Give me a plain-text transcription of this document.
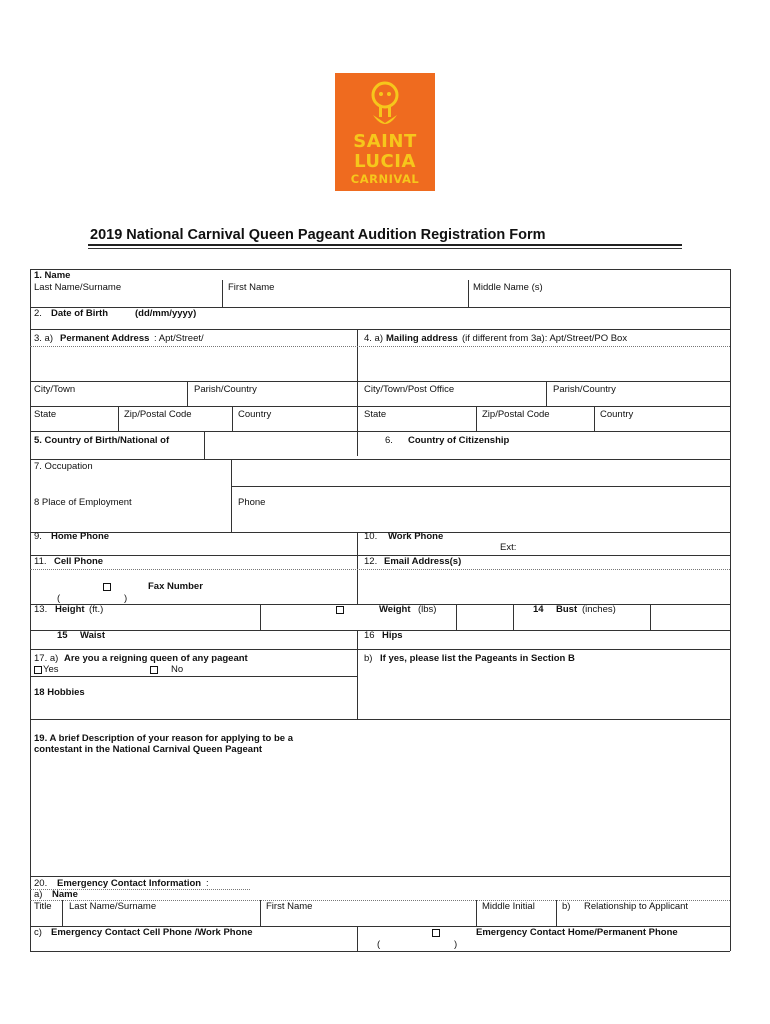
SAINT
LUCIA
CARNIVAL
2019 National Carnival Queen Pageant Audition Registration Form
1. Name
Last Name/Surname	First Name	Middle Name (s)
2. Date of Birth	(dd/mm/yyyy)
3. a) Permanent Address : Apt/Street/	4. a) Mailing address (if different from 3a): Apt/Street/PO Box
City/Town	Parish/Country	City/Town/Post Office	Parish/Country
State	Zip/Postal Code	Country	State	Zip/Postal Code	Country
5. Country of Birth/National of	6. Country of Citizenship
7. Occupation
8 Place of Employment	Phone
9. Home Phone	10. Work Phone
Ext:
11. Cell Phone	12. Email Address(s)
Fax Number
(	)
13. Height (ft.)	Weight (lbs)	14 Bust (inches)
15 Waist	16 Hips
17. a) Are you a reigning queen of any pageant
Yes	No
b) If yes, please list the Pageants in Section B
18 Hobbies
19. A brief Description of your reason for applying to be a
contestant in the National Carnival Queen Pageant
20. Emergency Contact Information :
a) Name
Title Last Name/Surname	First Name	Middle Initial	b) Relationship to Applicant
c) Emergency Contact Cell Phone /Work Phone	Emergency Contact Home/Permanent Phone
(	)
